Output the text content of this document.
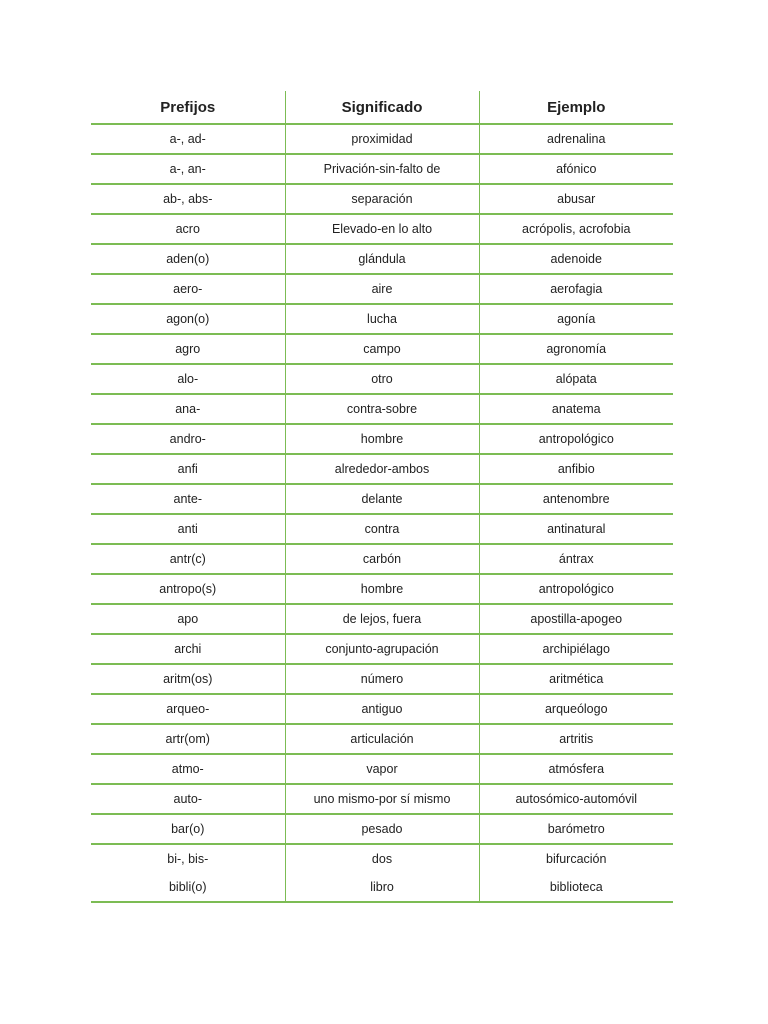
Prefijos	Significado	Ejemplo
a-, ad-	proximidad	adrenalina
a-, an-	Privación-sin-falto de	afónico
ab-, abs-	separación	abusar
acro	Elevado-en lo alto	acrópolis, acrofobia
aden(o)	glándula	adenoide
aero-	aire	aerofagia
agon(o)	lucha	agonía
agro	campo	agronomía
alo-	otro	alópata
ana-	contra-sobre	anatema
andro-	hombre	antropológico
anfi	alrededor-ambos	anfibio
ante-	delante	antenombre
anti	contra	antinatural
antr(c)	carbón	ántrax
antropo(s)	hombre	antropológico
apo	de lejos, fuera	apostilla-apogeo
archi	conjunto-agrupación	archipiélago
aritm(os)	número	aritmética
arqueo-	antiguo	arqueólogo
artr(om)	articulación	artritis
atmo-	vapor	atmósfera
auto-	uno mismo-por sí mismo	autosómico-automóvil
bar(o)	pesado	barómetro
bi-, bis-	dos	bifurcación
bibli(o)	libro	biblioteca
